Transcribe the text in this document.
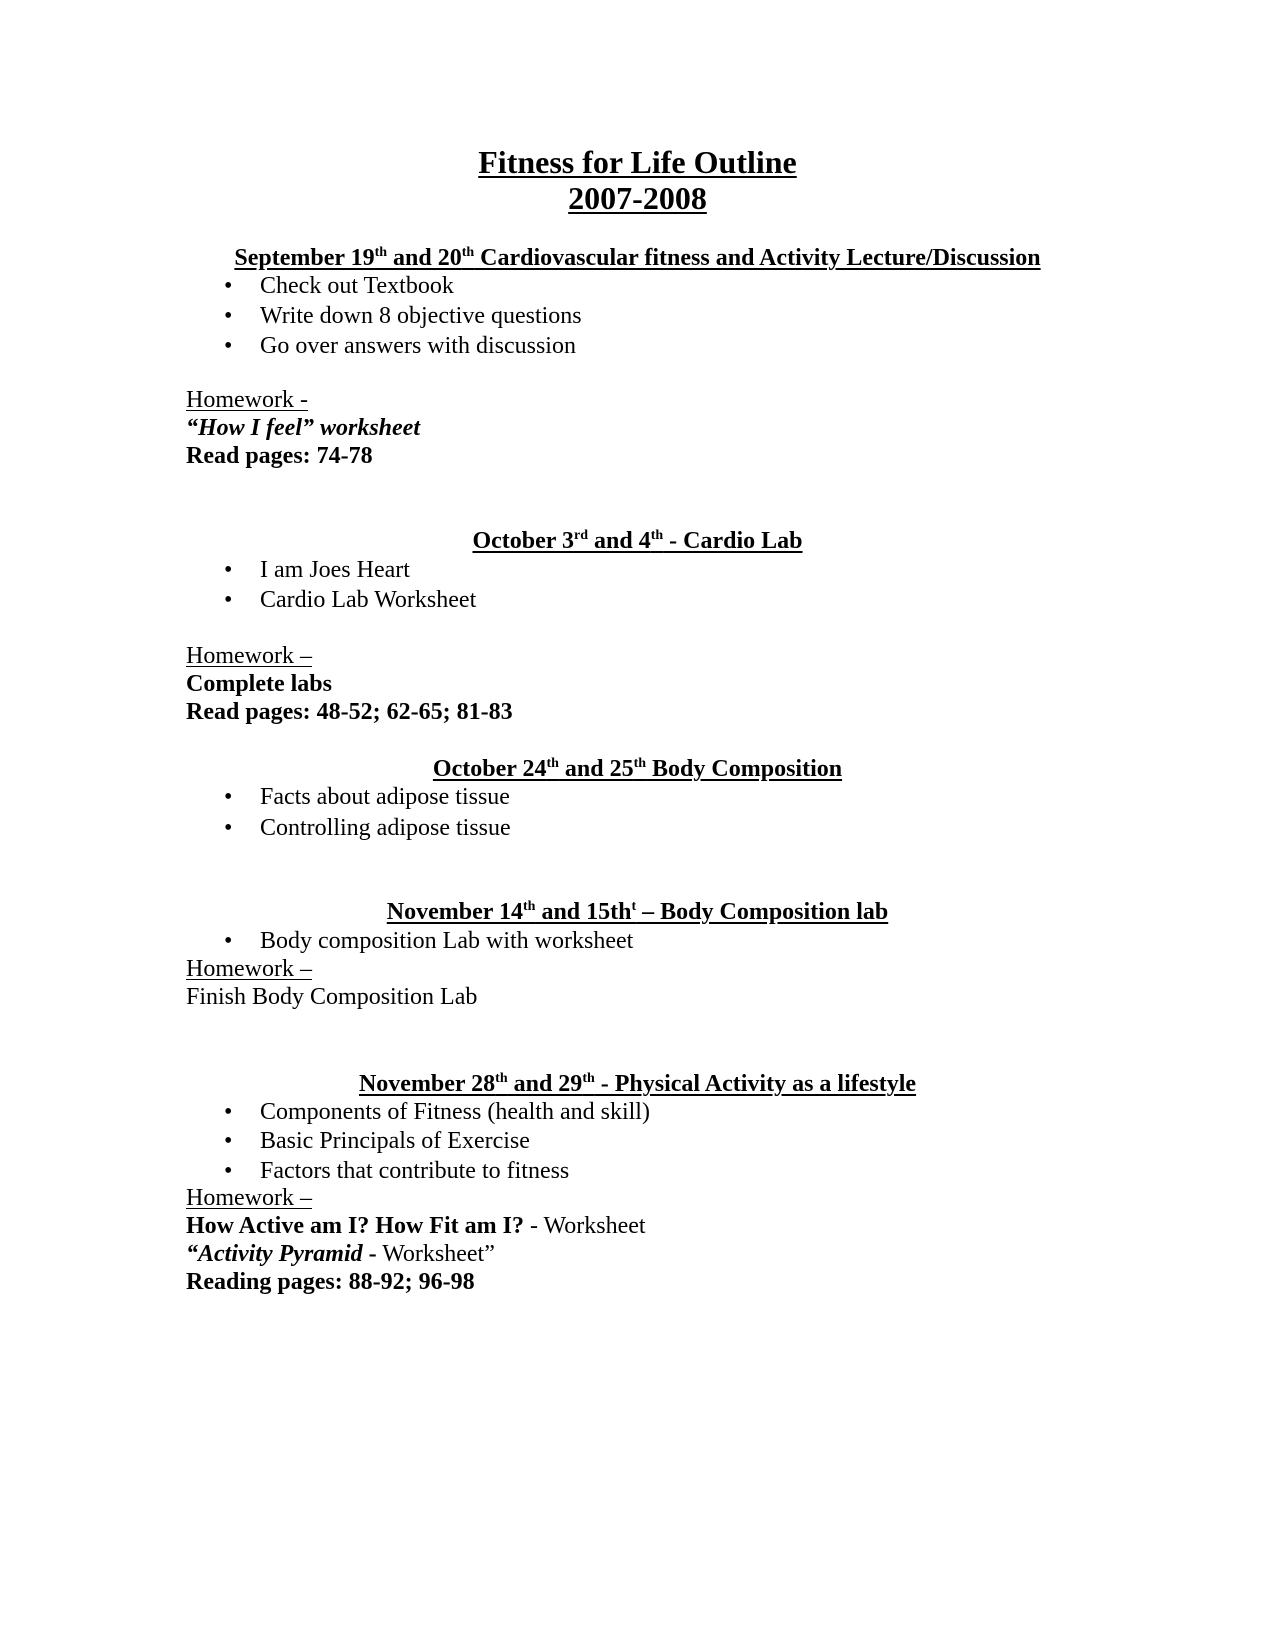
Fitness for Life Outline
2007-2008
September 19th and 20th Cardiovascular fitness and Activity Lecture/Discussion
• Check out Textbook
• Write down 8 objective questions
• Go over answers with discussion
Homework -
“How I feel” worksheet
Read pages: 74-78
October 3rd and 4th - Cardio Lab
• I am Joes Heart
• Cardio Lab Worksheet
Homework –
Complete labs
Read pages: 48-52; 62-65; 81-83
October 24th and 25th Body Composition
• Facts about adipose tissue
• Controlling adipose tissue
November 14th and $15th^t$ – Body Composition lab
• Body composition Lab with worksheet
Homework –
Finish Body Composition Lab
November 28th and 29th - Physical Activity as a lifestyle
• Components of Fitness (health and skill)
• Basic Principals of Exercise
• Factors that contribute to fitness
Homework –
How Active am I? How Fit am I? - Worksheet
“Activity Pyramid - Worksheet”
Reading pages: 88-92; 96-98
